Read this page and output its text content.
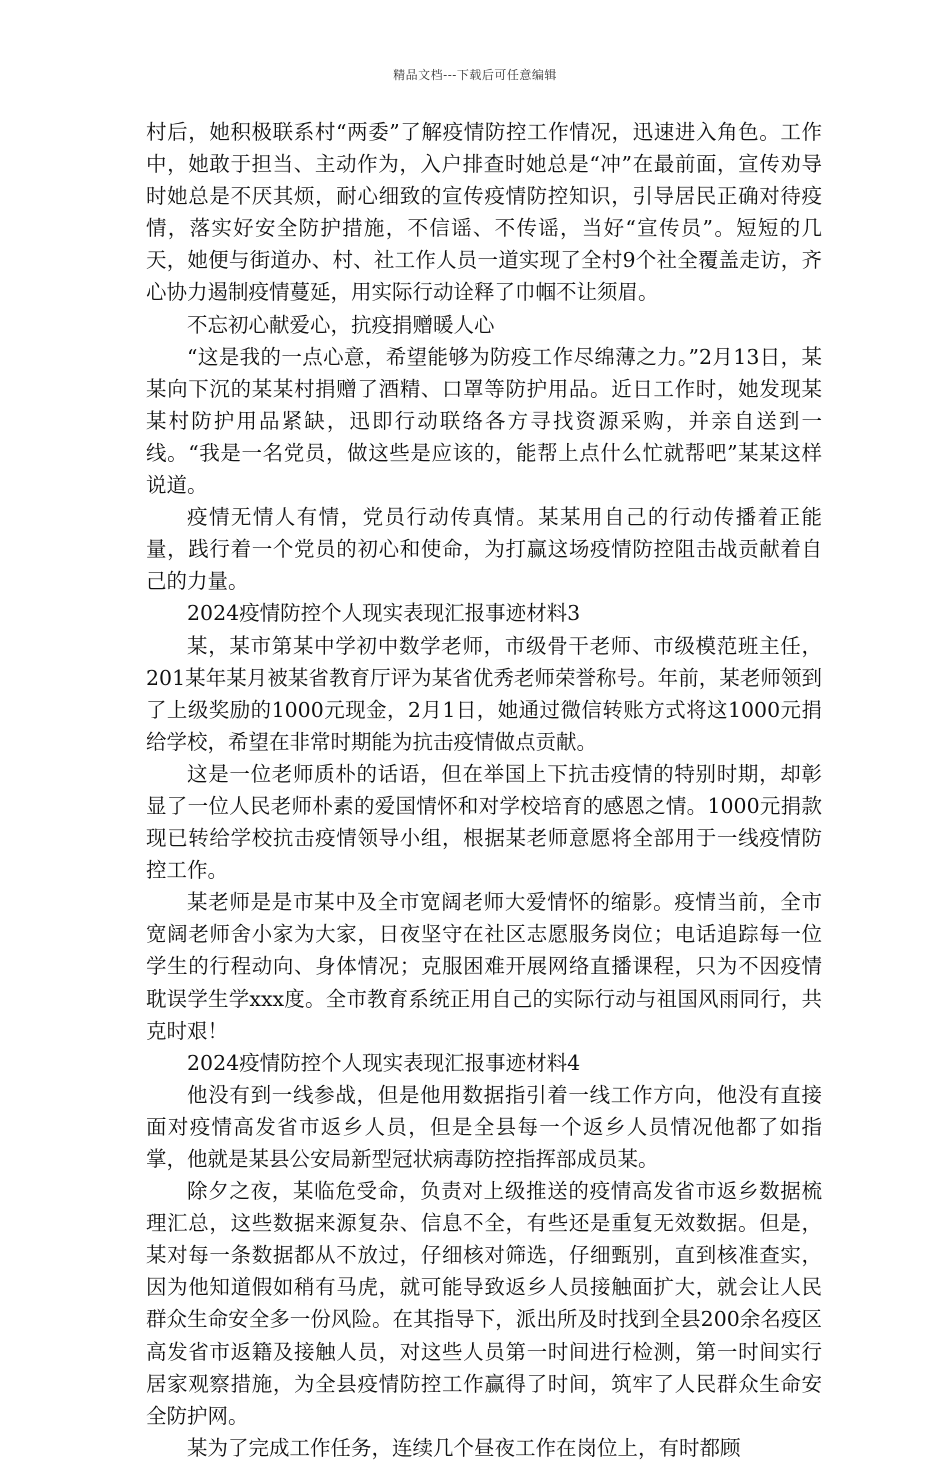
精品文档---下载后可任意编辑

村后，她积极联系村“两委”了解疫情防控工作情况，迅速进入角色。工作中，她敢于担当、主动作为，入户排查时她总是“冲”在最前面，宣传劝导时她总是不厌其烦，耐心细致的宣传疫情防控知识，引导居民正确对待疫情，落实好安全防护措施，不信谣、不传谣，当好“宣传员”。短短的几天，她便与街道办、村、社工作人员一道实现了全村9个社全覆盖走访，齐心协力遏制疫情蔓延，用实际行动诠释了巾帼不让须眉。

不忘初心献爱心，抗疫捐赠暖人心

“这是我的一点心意，希望能够为防疫工作尽绵薄之力。”2月13日，某某向下沉的某某村捐赠了酒精、口罩等防护用品。近日工作时，她发现某某村防护用品紧缺，迅即行动联络各方寻找资源采购，并亲自送到一线。“我是一名党员，做这些是应该的，能帮上点什么忙就帮吧”某某这样说道。

疫情无情人有情，党员行动传真情。某某用自己的行动传播着正能量，践行着一个党员的初心和使命，为打赢这场疫情防控阻击战贡献着自己的力量。

2024疫情防控个人现实表现汇报事迹材料3

某，某市第某中学初中数学老师，市级骨干老师、市级模范班主任，201某年某月被某省教育厅评为某省优秀老师荣誉称号。年前，某老师领到了上级奖励的1000元现金，2月1日，她通过微信转账方式将这1000元捐给学校，希望在非常时期能为抗击疫情做点贡献。

这是一位老师质朴的话语，但在举国上下抗击疫情的特别时期，却彰显了一位人民老师朴素的爱国情怀和对学校培育的感恩之情。1000元捐款现已转给学校抗击疫情领导小组，根据某老师意愿将全部用于一线疫情防控工作。

某老师是是市某中及全市宽阔老师大爱情怀的缩影。疫情当前，全市宽阔老师舍小家为大家，日夜坚守在社区志愿服务岗位；电话追踪每一位学生的行程动向、身体情况；克服困难开展网络直播课程，只为不因疫情耽误学生学xxx度。全市教育系统正用自己的实际行动与祖国风雨同行，共克时艰！

2024疫情防控个人现实表现汇报事迹材料4

他没有到一线参战，但是他用数据指引着一线工作方向，他没有直接面对疫情高发省市返乡人员，但是全县每一个返乡人员情况他都了如指掌，他就是某县公安局新型冠状病毒防控指挥部成员某。

除夕之夜，某临危受命，负责对上级推送的疫情高发省市返乡数据梳理汇总，这些数据来源复杂、信息不全，有些还是重复无效数据。但是，某对每一条数据都从不放过，仔细核对筛选，仔细甄别，直到核准查实，因为他知道假如稍有马虎，就可能导致返乡人员接触面扩大，就会让人民群众生命安全多一份风险。在其指导下，派出所及时找到全县200余名疫区高发省市返籍及接触人员，对这些人员第一时间进行检测，第一时间实行居家观察措施，为全县疫情防控工作赢得了时间，筑牢了人民群众生命安全防护网。

某为了完成工作任务，连续几个昼夜工作在岗位上，有时都顾
